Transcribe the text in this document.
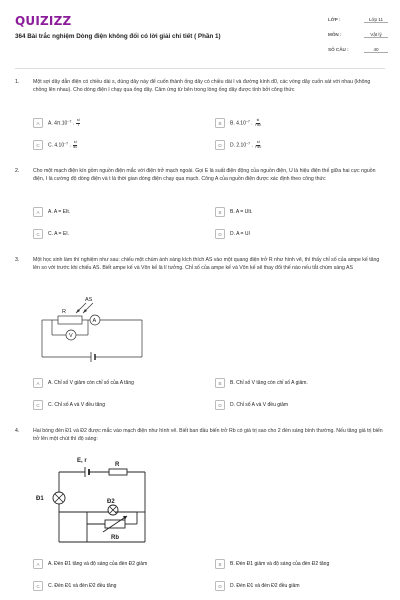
QUIZIZZ
364 Bài trắc nghiệm Dòng điện không đổi có lời giải chi tiết ( Phần 1)
LỚP :	Lớp 11
MÔN :	Vật lý
SỐ CÂU :	40
1.	Một sợi dây dẫn điện có chiều dài s, dùng dây này để cuốn thành ống dây có chiều dài l và đường kính d0, các vòng dây cuốn sát với nhau (không chồng lên nhau). Cho dòng điện I chạy qua ống dây. Cảm ứng từ bên trong lòng ống dây được tính bởi công thức
A	A. $4\pi.10^{-7}$ . $\frac{sI}{l}$	B	B. $4.10^{-7}$ . $\frac{sI}{l\cdot d0}$
C	C. $4.10^{-7}$ . $\frac{sI}{d0}$	D	D. $2.10^{-7}$ . $\frac{sI}{l\cdot d0}$
2.	Cho một mạch điện kín gồm nguồn điện mắc với điện trở mạch ngoài. Gọi E là suất điện động của nguồn điện, U là hiệu điện thế giữa hai cực nguồn điện, I là cường độ dòng điện và t là thời gian dòng điện chạy qua mạch. Công A của nguồn điện được xác định theo công thức
A	A. A = EIt.	B	B. A = UIt.
C	C. A = EI.	D	D. A = UI
3.	Một học sinh làm thí nghiệm như sau: chiếu một chùm ánh sáng kích thích AS vào một quang điện trở R như hình vẽ, thì thấy chỉ số của ampe kế tăng lên so với trước khi chiếu AS. Biết ampe kế và Vôn kế là lí tưởng. Chỉ số của ampe kế và Vôn kế sẽ thay đổi thế nào nếu tắt chùm sáng AS
AS
R
A
V
A	A. Chỉ số V giảm còn chỉ số của A tăng	B	B. Chỉ số V tăng còn chỉ số A giảm.
C	C. Chỉ số A và V đều tăng	D	D. Chỉ số A và V đều giảm
4.	Hai bóng đèn Đ1 và Đ2 được mắc vào mạch điện như hình vẽ. Biết ban đầu biến trở Rb có giá trị sao cho 2 đèn sáng bình thường. Nếu tăng giá trị biến trở lên một chút thì độ sáng:
E, r
R
Đ1	Đ2
Rb
A	A. Đèn Đ1 tăng và độ sáng của đèn Đ2 giảm	B	B. Đèn Đ1 giảm và độ sáng của đèn Đ2 tăng
C	C. Đèn Đ1 và đèn Đ2 đều tăng	D	D. Đèn Đ1 và đèn Đ2 đều giảm
